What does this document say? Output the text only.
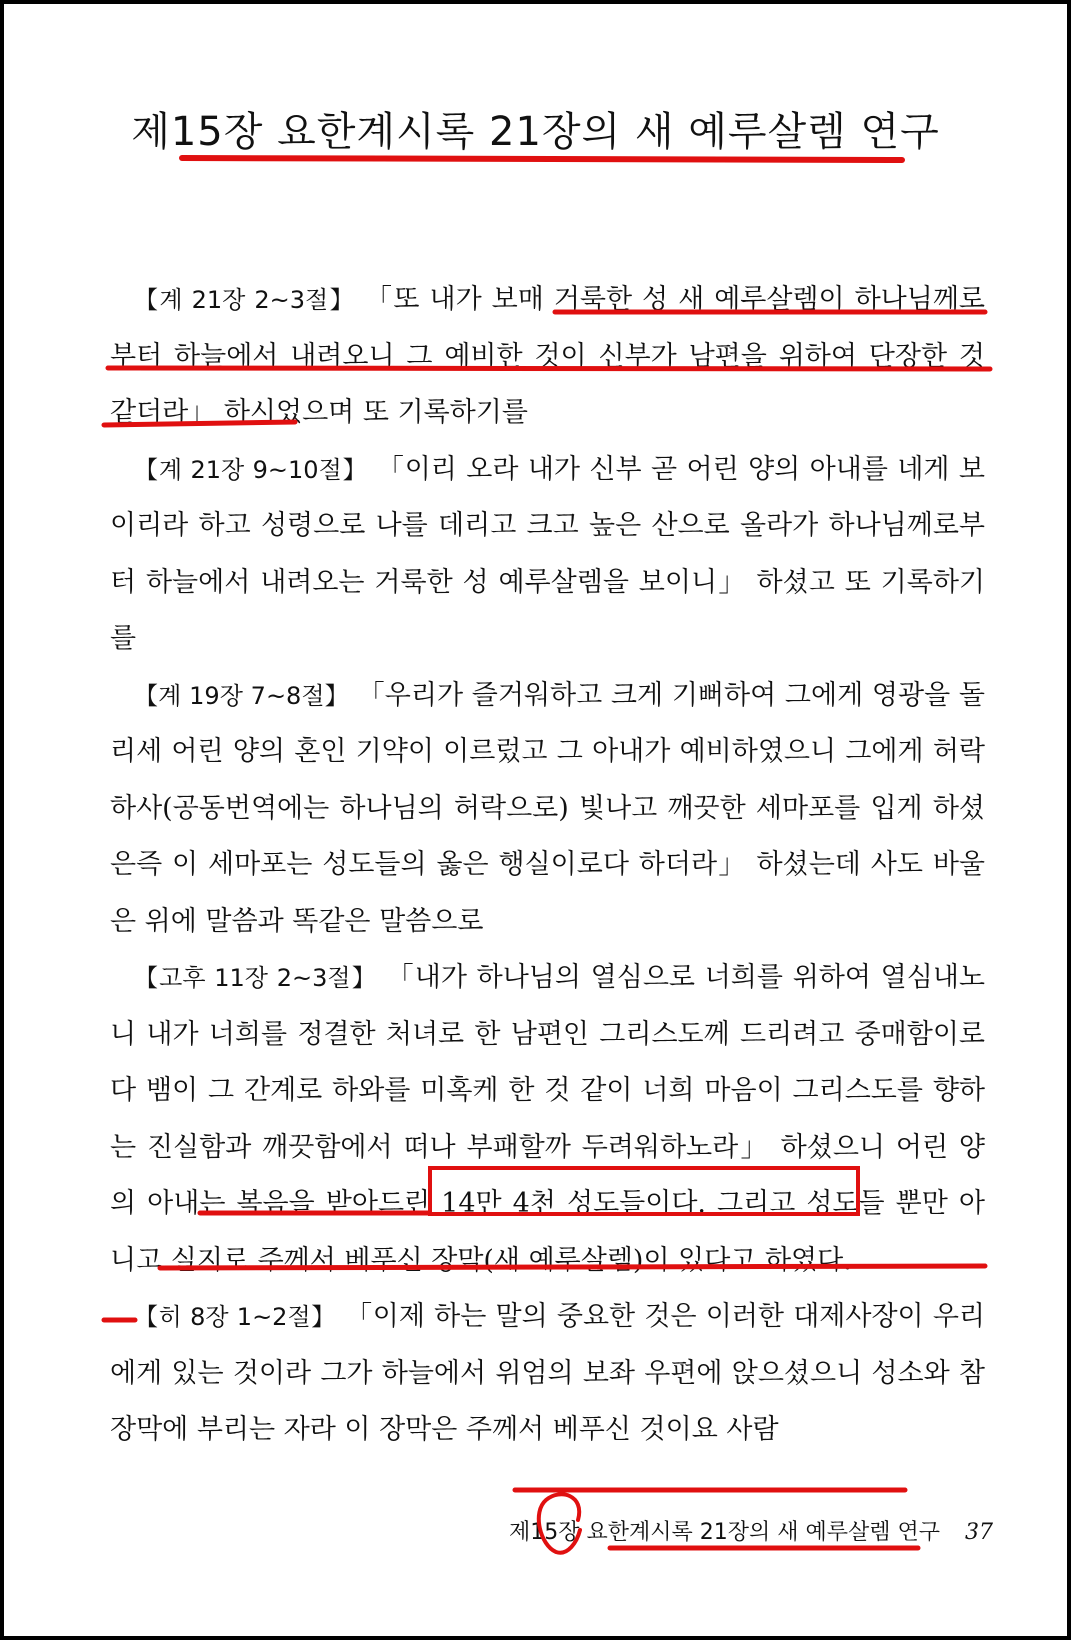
제15장 요한계시록 21장의 새 예루살렘 연구

【계 21장 2~3절】 「또 내가 보매 거룩한 성 새 예루살렘이 하나님께로부터 하늘에서 내려오니 그 예비한 것이 신부가 남편을 위하여 단장한 것 같더라」 하시었으며 또 기록하기를

【계 21장 9~10절】 「이리 오라 내가 신부 곧 어린 양의 아내를 네게 보이리라 하고 성령으로 나를 데리고 크고 높은 산으로 올라가 하나님께로부터 하늘에서 내려오는 거룩한 성 예루살렘을 보이니」 하셨고 또 기록하기를

【계 19장 7~8절】 「우리가 즐거워하고 크게 기뻐하여 그에게 영광을 돌리세 어린 양의 혼인 기약이 이르렀고 그 아내가 예비하였으니 그에게 허락하사(공동번역에는 하나님의 허락으로) 빛나고 깨끗한 세마포를 입게 하셨은즉 이 세마포는 성도들의 옳은 행실이로다 하더라」 하셨는데 사도 바울은 위에 말씀과 똑같은 말씀으로

【고후 11장 2~3절】 「내가 하나님의 열심으로 너희를 위하여 열심내노니 내가 너희를 정결한 처녀로 한 남편인 그리스도께 드리려고 중매함이로다 뱀이 그 간계로 하와를 미혹케 한 것 같이 너희 마음이 그리스도를 향하는 진실함과 깨끗함에서 떠나 부패할까 두려워하노라」 하셨으니 어린 양의 아내는 복음을 받아드린 14만 4천 성도들이다. 그리고 성도들 뿐만 아니고 실지로 주께서 베푸신 장막(새 예루살렘)이 있다고 하였다.

【히 8장 1~2절】 「이제 하는 말의 중요한 것은 이러한 대제사장이 우리에게 있는 것이라 그가 하늘에서 위엄의 보좌 우편에 앉으셨으니 성소와 참 장막에 부리는 자라 이 장막은 주께서 베푸신 것이요 사람

제15장 요한계시록 21장의 새 예루살렘 연구 37
